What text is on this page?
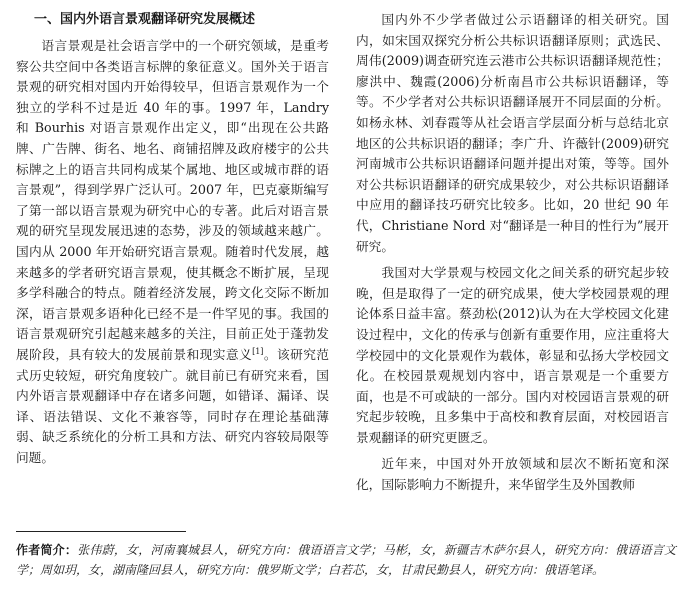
一、国内外语言景观翻译研究发展概述

语言景观是社会语言学中的一个研究领域，是重考察公共空间中各类语言标牌的象征意义。国外关于语言景观的研究相对国内开始得较早，但语言景观作为一个独立的学科不过是近 40 年的事。1997 年，Landry 和 Bourhis 对语言景观作出定义，即“出现在公共路牌、广告牌、街名、地名、商铺招牌及政府楼宇的公共标牌之上的语言共同构成某个属地、地区或城市群的语言景观”，得到学界广泛认可。2007 年，巴克豪斯编写了第一部以语言景观为研究中心的专著。此后对语言景观的研究呈现发展迅速的态势，涉及的领域越来越广。国内从 2000 年开始研究语言景观。随着时代发展，越来越多的学者研究语言景观，使其概念不断扩展，呈现多学科融合的特点。随着经济发展，跨文化交际不断加深，语言景观多语种化已经不是一件罕见的事。我国的语言景观研究引起越来越多的关注，目前正处于蓬勃发展阶段，具有较大的发展前景和现实意义[1]。该研究范式历史较短，研究角度较广。就目前已有研究来看，国内外语言景观翻译中存在诸多问题，如错译、漏译、误译、语法错误、文化不兼容等，同时存在理论基础薄弱、缺乏系统化的分析工具和方法、研究内容较局限等问题。

国内外不少学者做过公示语翻译的相关研究。国内，如宋国双探究分析公共标识语翻译原则；武选民、周伟(2009)调查研究连云港市公共标识语翻译规范性；廖洪中、魏霞(2006)分析南昌市公共标识语翻译，等等。不少学者对公共标识语翻译展开不同层面的分析。如杨永林、刘春霞等从社会语言学层面分析与总结北京地区的公共标识语的翻译；李广升、许薇针(2009)研究河南城市公共标识语翻译问题并提出对策，等等。国外对公共标识语翻译的研究成果较少，对公共标识语翻译中应用的翻译技巧研究比较多。比如，20 世纪 90 年代，Christiane Nord 对“翻译是一种目的性行为”展开研究。

我国对大学景观与校园文化之间关系的研究起步较晚，但是取得了一定的研究成果，使大学校园景观的理论体系日益丰富。蔡劲松(2012)认为在大学校园文化建设过程中，文化的传承与创新有重要作用，应注重将大学校园中的文化景观作为载体，彰显和弘扬大学校园文化。在校园景观规划内容中，语言景观是一个重要方面，也是不可或缺的一部分。国内对校园语言景观的研究起步较晚，且多集中于高校和教育层面，对校园语言景观翻译的研究更匮乏。

近年来，中国对外开放领域和层次不断拓宽和深化，国际影响力不断提升，来华留学生及外国教师

作者简介：张伟蔚，女，河南襄城县人，研究方向：俄语语言文学；马彬，女，新疆吉木萨尔县人，研究方向：俄语语言文学；周如玥，女，湖南隆回县人，研究方向：俄罗斯文学；白若芯，女，甘肃民勤县人，研究方向：俄语笔译。
